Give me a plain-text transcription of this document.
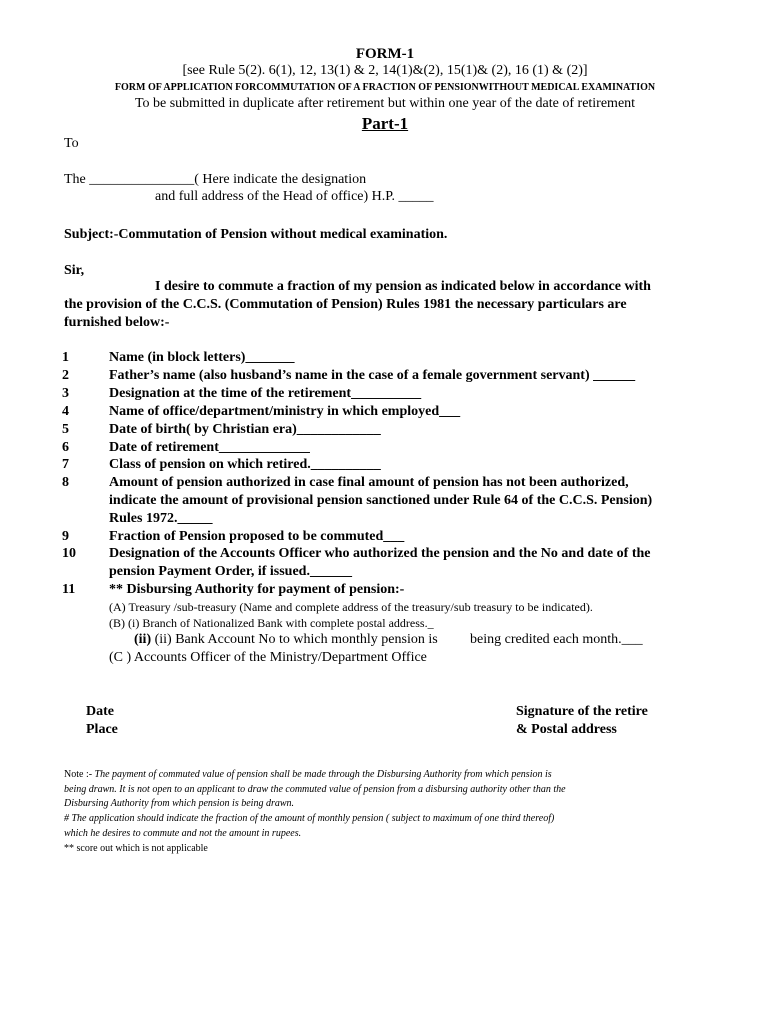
FORM-1
[see Rule 5(2). 6(1), 12, 13(1) & 2, 14(1)&(2), 15(1)& (2), 16 (1) & (2)]
FORM OF APPLICATION FORCOMMUTATION OF A FRACTION OF PENSIONWITHOUT MEDICAL EXAMINATION
To be submitted in duplicate after retirement but within one year of the date of retirement
Part-1
To
The _______________( Here indicate the designation
and full address of the Head of office) H.P. _____
Subject:-Commutation of Pension without medical examination.
Sir,
I desire to commute a fraction of my pension as indicated below in accordance with
the provision of the C.C.S. (Commutation of Pension) Rules 1981 the necessary particulars are
furnished below:-
1	Name (in block letters)_______
2	Father’s name (also husband’s name in the case of a female government servant) ______
3	Designation at the time of the retirement__________
4	Name of office/department/ministry in which employed___
5	Date of birth( by Christian era)____________
6	Date of retirement_____________
7	Class of pension on which retired.__________
8	Amount of pension authorized in case final amount of pension has not been authorized,
indicate the amount of provisional pension sanctioned under Rule 64 of the C.C.S. Pension)
Rules 1972._____
9	Fraction of Pension proposed to be commuted___
10 Designation of the Accounts Officer who authorized the pension and the No and date of the
pension Payment Order, if issued.______
11 ** Disbursing Authority for payment of pension:-
(A) Treasury /sub-treasury (Name and complete address of the treasury/sub treasury to be indicated).
(B) (i) Branch of Nationalized Bank with complete postal address._
(ii) (ii) Bank Account No to which monthly pension is being credited each month.___
(C ) Accounts Officer of the Ministry/Department Office
Date
Place
Signature of the retire
& Postal address
Note :- The payment of commuted value of pension shall be made through the Disbursing Authority from which pension is
being drawn. It is not open to an applicant to draw the commuted value of pension from a disbursing authority other than the
Disbursing Authority from which pension is being drawn.
# The application should indicate the fraction of the amount of monthly pension ( subject to maximum of one third thereof)
which he desires to commute and not the amount in rupees.
** score out which is not applicable
